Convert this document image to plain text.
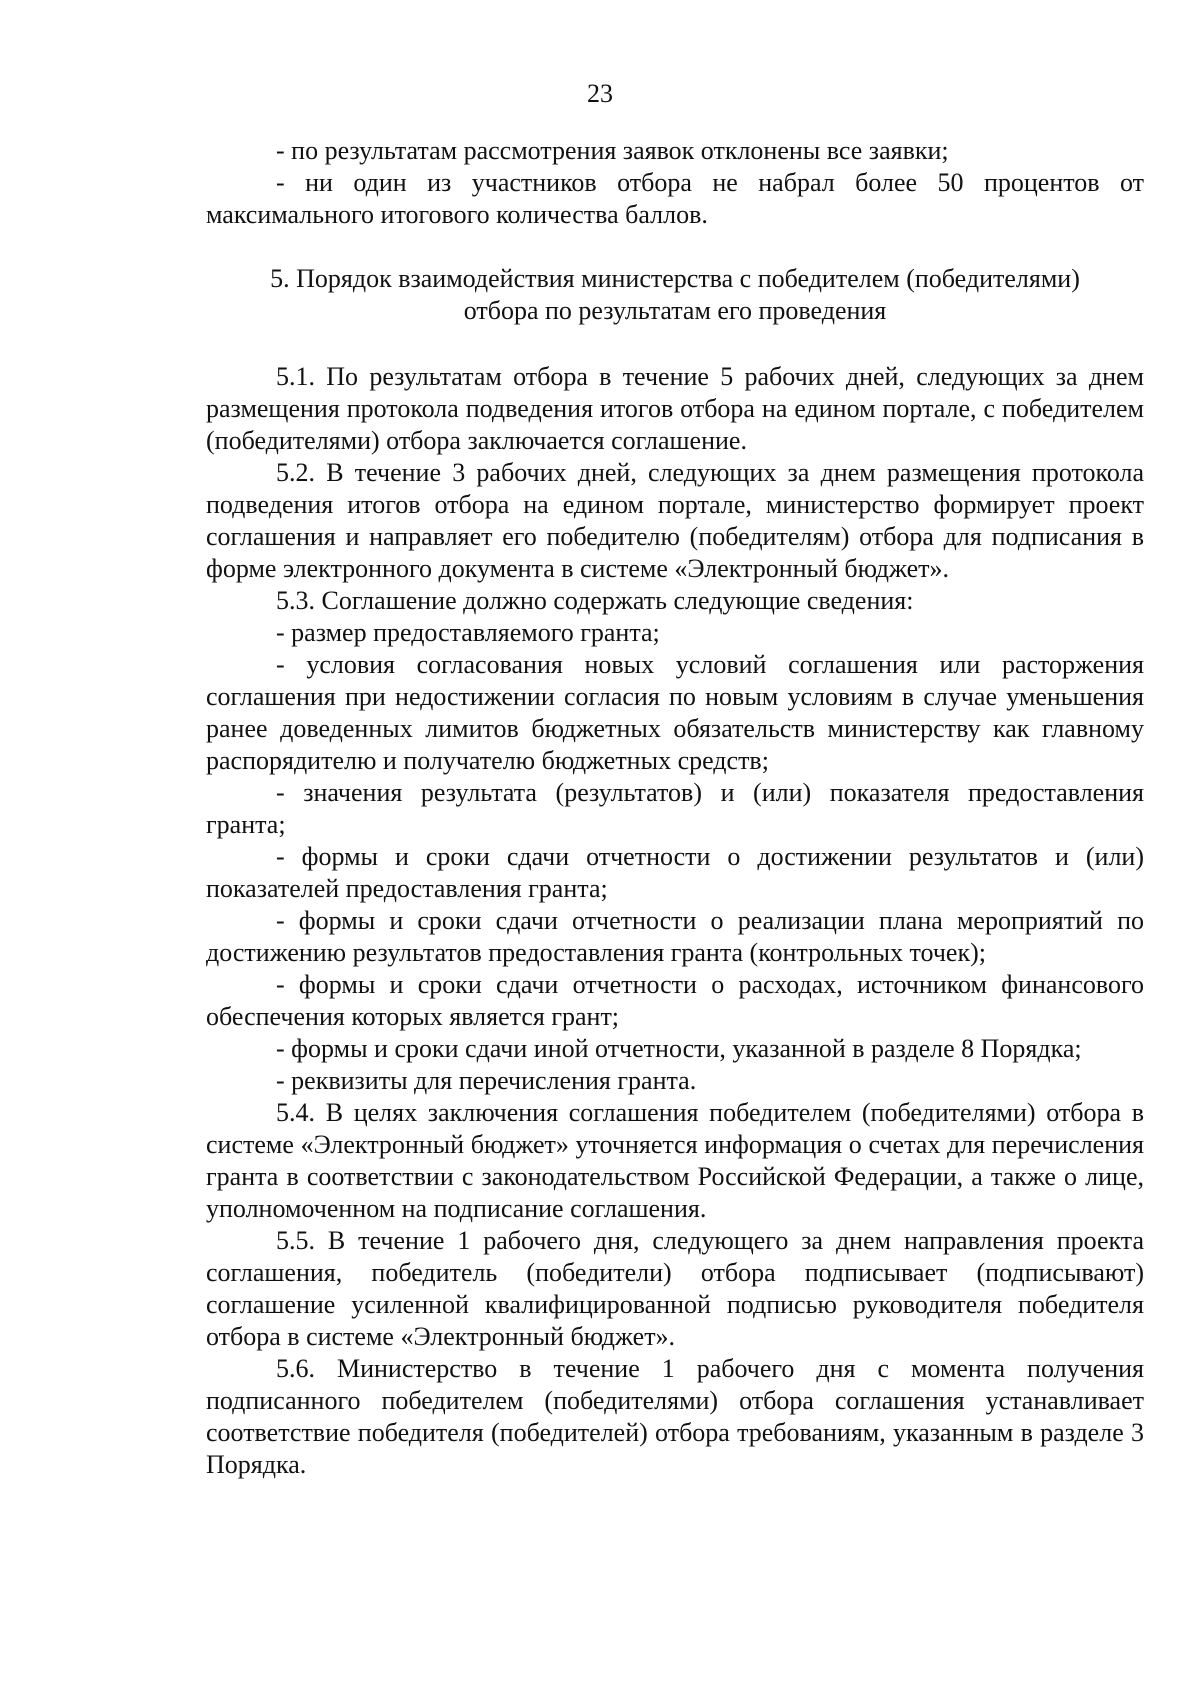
23

- по результатам рассмотрения заявок отклонены все заявки;

- ни один из участников отбора не набрал более 50 процентов от максимального итогового количества баллов.

5. Порядок взаимодействия министерства с победителем (победителями)
отбора по результатам его проведения

5.1. По результатам отбора в течение 5 рабочих дней, следующих за днем размещения протокола подведения итогов отбора на едином портале, с победителем (победителями) отбора заключается соглашение.

5.2. В течение 3 рабочих дней, следующих за днем размещения протокола подведения итогов отбора на едином портале, министерство формирует проект соглашения и направляет его победителю (победителям) отбора для подписания в форме электронного документа в системе «Электронный бюджет».

5.3. Соглашение должно содержать следующие сведения:

- размер предоставляемого гранта;

- условия согласования новых условий соглашения или расторжения соглашения при недостижении согласия по новым условиям в случае уменьшения ранее доведенных лимитов бюджетных обязательств министерству как главному распорядителю и получателю бюджетных средств;

- значения результата (результатов) и (или) показателя предоставления гранта;

- формы и сроки сдачи отчетности о достижении результатов и (или) показателей предоставления гранта;

- формы и сроки сдачи отчетности о реализации плана мероприятий по достижению результатов предоставления гранта (контрольных точек);

- формы и сроки сдачи отчетности о расходах, источником финансового обеспечения которых является грант;

- формы и сроки сдачи иной отчетности, указанной в разделе 8 Порядка;

- реквизиты для перечисления гранта.

5.4. В целях заключения соглашения победителем (победителями) отбора в системе «Электронный бюджет» уточняется информация о счетах для перечисления гранта в соответствии с законодательством Российской Федерации, а также о лице, уполномоченном на подписание соглашения.

5.5. В течение 1 рабочего дня, следующего за днем направления проекта соглашения, победитель (победители) отбора подписывает (подписывают) соглашение усиленной квалифицированной подписью руководителя победителя отбора в системе «Электронный бюджет».

5.6. Министерство в течение 1 рабочего дня с момента получения подписанного победителем (победителями) отбора соглашения устанавливает соответствие победителя (победителей) отбора требованиям, указанным в разделе 3 Порядка.
